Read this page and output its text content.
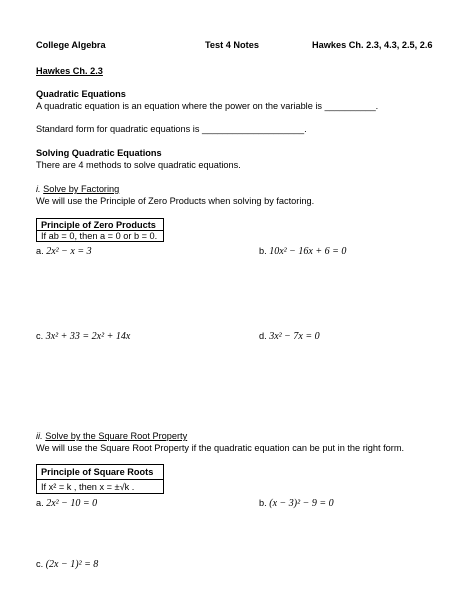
College Algebra	Test 4 Notes	Hawkes Ch. 2.3, 4.3, 2.5, 2.6
Hawkes Ch. 2.3
Quadratic Equations
A quadratic equation is an equation where the power on the variable is __________.
Standard form for quadratic equations is ____________________.
Solving Quadratic Equations
There are 4 methods to solve quadratic equations.
i. Solve by Factoring
We will use the Principle of Zero Products when solving by factoring.
Principle of Zero Products
If ab = 0, then a = 0 or b = 0.
a. 2x² − x = 3	b. 10x² − 16x + 6 = 0
c. 3x² + 33 = 2x² + 14x	d. 3x² − 7x = 0
ii. Solve by the Square Root Property
We will use the Square Root Property if the quadratic equation can be put in the right form.
Principle of Square Roots
If x² = k , then x = ±√k .
a. 2x² − 10 = 0	b. (x − 3)² − 9 = 0
c. (2x − 1)² = 8
